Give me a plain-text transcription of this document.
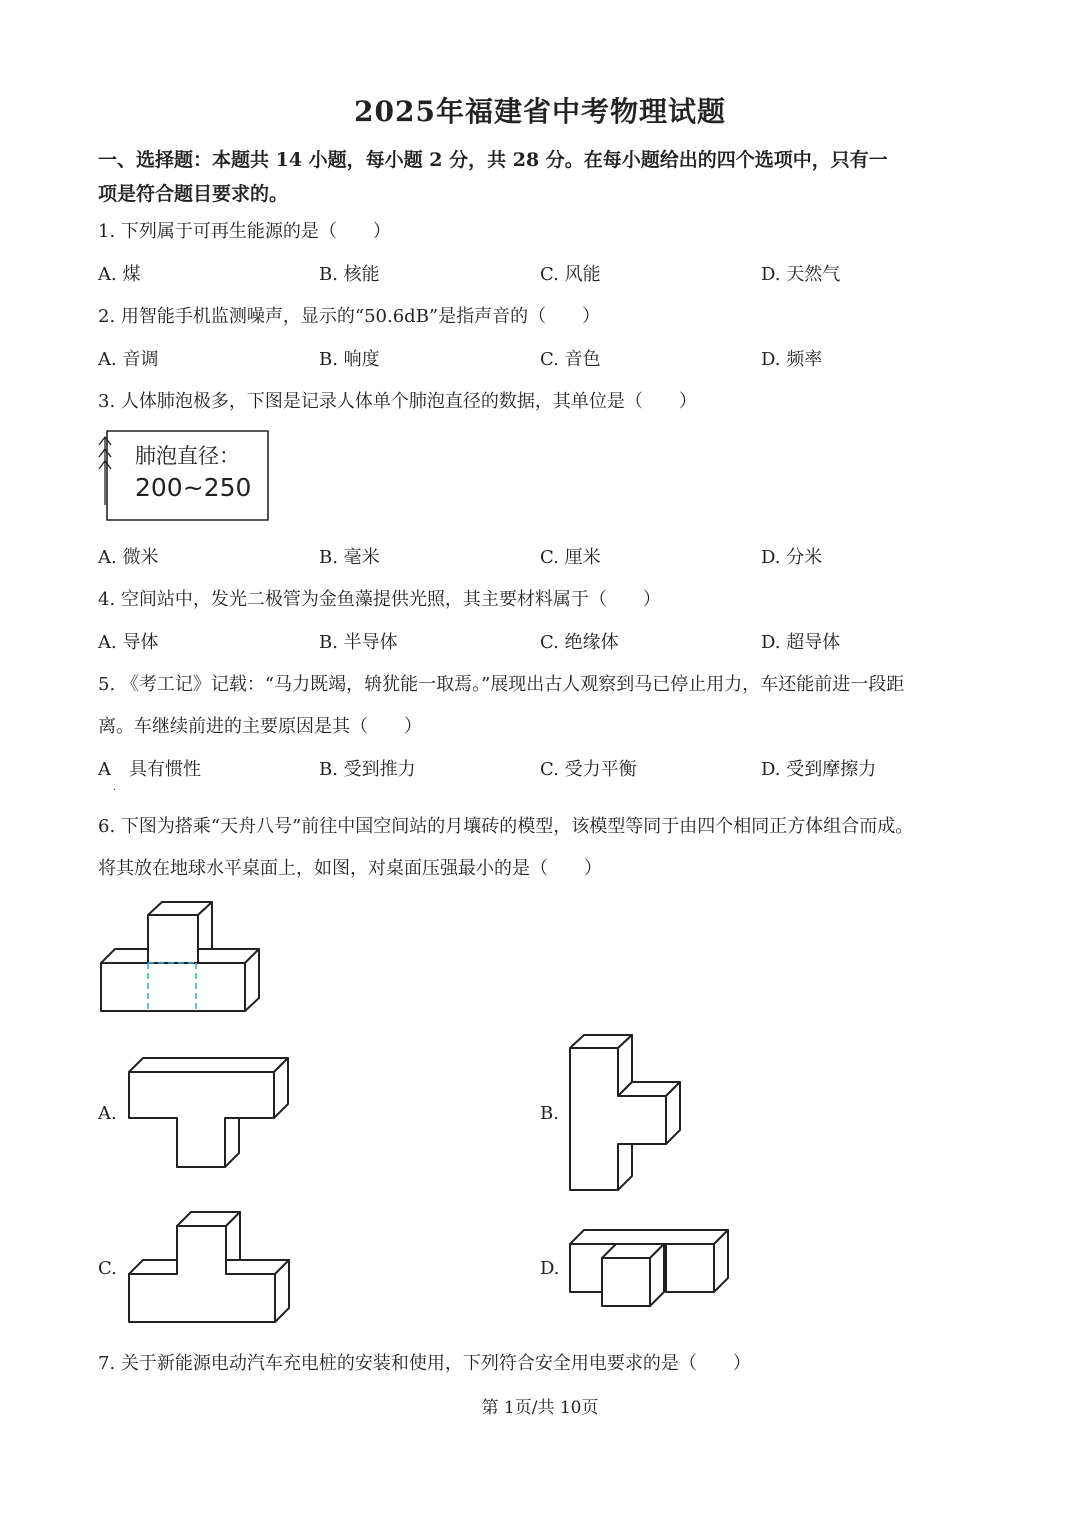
2025年福建省中考物理试题
一、选择题：本题共 14 小题，每小题 2 分，共 28 分。在每小题给出的四个选项中，只有一
项是符合题目要求的。
1. 下列属于可再生能源的是（　　）
A. 煤	B. 核能	C. 风能	D. 天然气
2. 用智能手机监测噪声，显示的“50.6dB”是指声音的（　　）
A. 音调	B. 响度	C. 音色	D. 频率
3. 人体肺泡极多，下图是记录人体单个肺泡直径的数据，其单位是（　　）
肺泡直径：
200~250
A. 微米	B. 毫米	C. 厘米	D. 分米
4. 空间站中，发光二极管为金鱼藻提供光照，其主要材料属于（　　）
A. 导体	B. 半导体	C. 绝缘体	D. 超导体
5. 《考工记》记载：“马力既竭，辀犹能一取焉。”展现出古人观察到马已停止用力，车还能前进一段距
离。车继续前进的主要原因是其（　　）
A　具有惯性	B. 受到推力	C. 受力平衡	D. 受到摩擦力
.
6. 下图为搭乘“天舟八号”前往中国空间站的月壤砖的模型，该模型等同于由四个相同正方体组合而成。
将其放在地球水平桌面上，如图，对桌面压强最小的是（　　）
A.	B.
C.	D.
7. 关于新能源电动汽车充电桩的安装和使用，下列符合安全用电要求的是（　　）
第 1页/共 10页
